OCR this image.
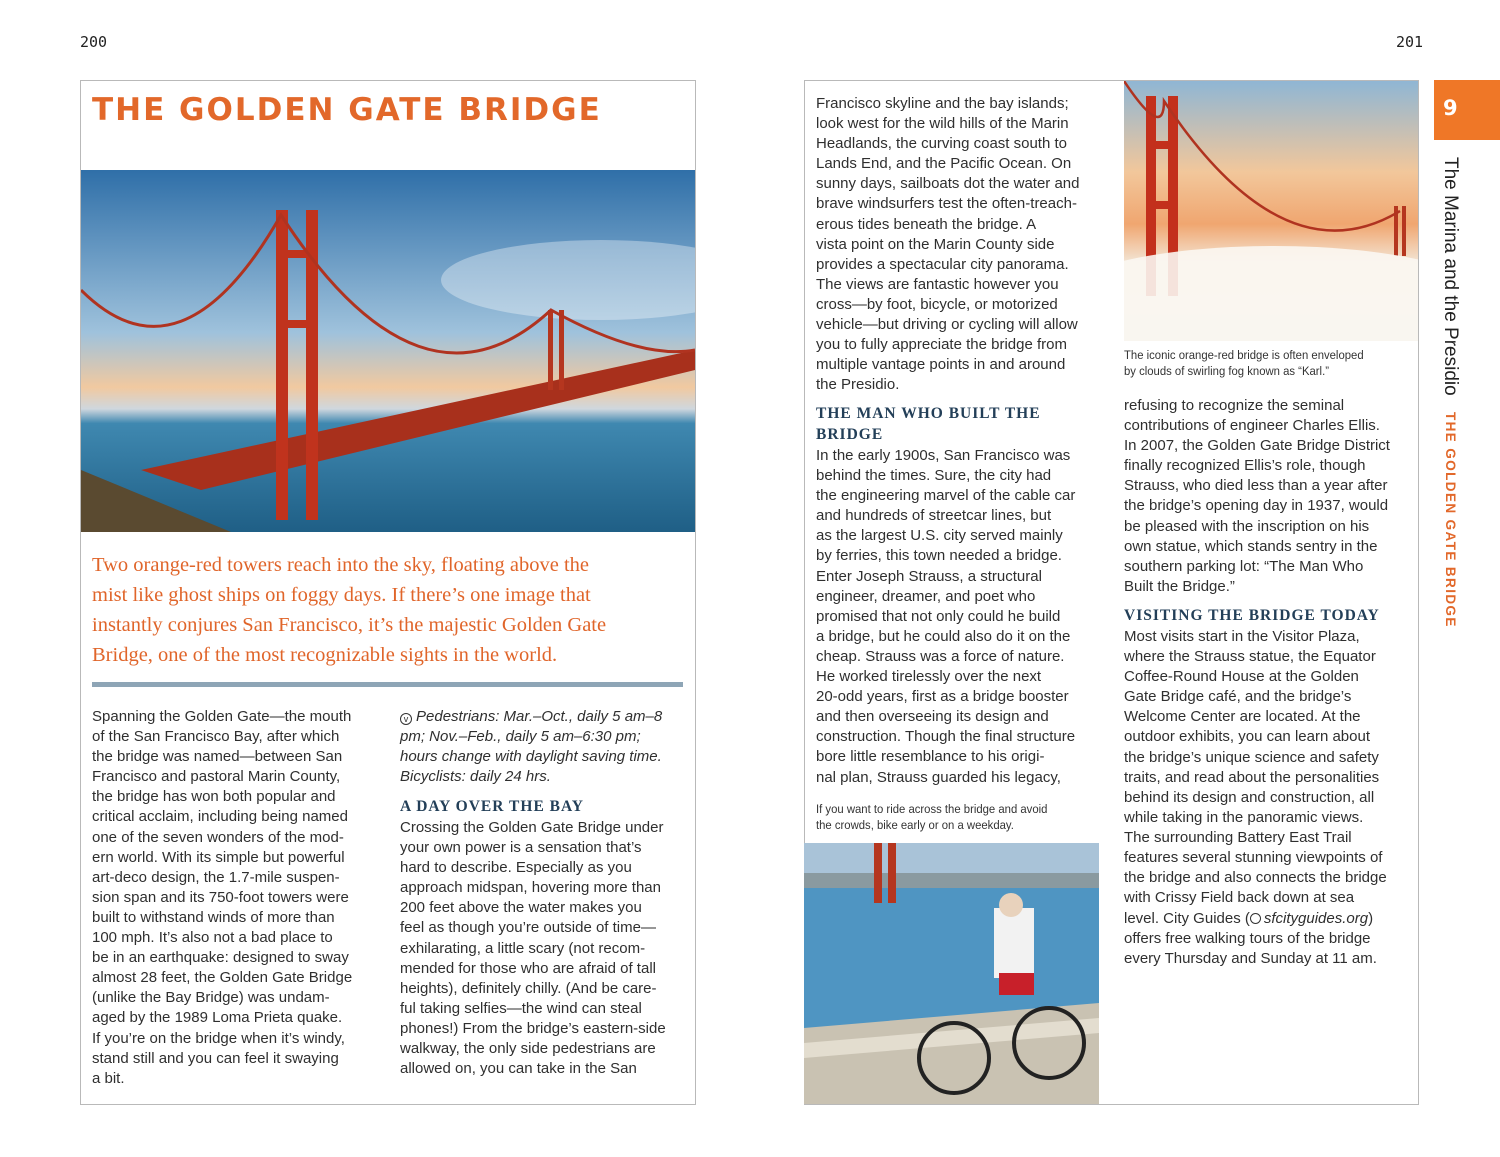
200	201
THE GOLDEN GATE BRIDGE
Two orange-red towers reach into the sky, floating above the
mist like ghost ships on foggy days. If there’s one image that
instantly conjures San Francisco, it’s the majestic Golden Gate
Bridge, one of the most recognizable sights in the world.
Spanning the Golden Gate—the mouth
of the San Francisco Bay, after which
the bridge was named—between San
Francisco and pastoral Marin County,
the bridge has won both popular and
critical acclaim, including being named
one of the seven wonders of the mod-
ern world. With its simple but powerful
art-deco design, the 1.7-mile suspen-
sion span and its 750-foot towers were
built to withstand winds of more than
100 mph. It’s also not a bad place to
be in an earthquake: designed to sway
almost 28 feet, the Golden Gate Bridge
(unlike the Bay Bridge) was undam-
aged by the 1989 Loma Prieta quake.
If you’re on the bridge when it’s windy,
stand still and you can feel it swaying
a bit.
v Pedestrians: Mar.–Oct., daily 5 am–8
pm; Nov.–Feb., daily 5 am–6:30 pm;
hours change with daylight saving time.
Bicyclists: daily 24 hrs.
A DAY OVER THE BAY
Crossing the Golden Gate Bridge under
your own power is a sensation that’s
hard to describe. Especially as you
approach midspan, hovering more than
200 feet above the water makes you
feel as though you’re outside of time—
exhilarating, a little scary (not recom-
mended for those who are afraid of tall
heights), definitely chilly. (And be care-
ful taking selfies—the wind can steal
phones!) From the bridge’s eastern-side
walkway, the only side pedestrians are
allowed on, you can take in the San
Francisco skyline and the bay islands;
look west for the wild hills of the Marin
Headlands, the curving coast south to
Lands End, and the Pacific Ocean. On
sunny days, sailboats dot the water and
brave windsurfers test the often-treach-
erous tides beneath the bridge. A
vista point on the Marin County side
provides a spectacular city panorama.
The views are fantastic however you
cross—by foot, bicycle, or motorized
vehicle—but driving or cycling will allow
you to fully appreciate the bridge from
multiple vantage points in and around
the Presidio.
THE MAN WHO BUILT THE
BRIDGE
In the early 1900s, San Francisco was
behind the times. Sure, the city had
the engineering marvel of the cable car
and hundreds of streetcar lines, but
as the largest U.S. city served mainly
by ferries, this town needed a bridge.
Enter Joseph Strauss, a structural
engineer, dreamer, and poet who
promised that not only could he build
a bridge, but he could also do it on the
cheap. Strauss was a force of nature.
He worked tirelessly over the next
20-odd years, first as a bridge booster
and then overseeing its design and
construction. Though the final structure
bore little resemblance to his origi-
nal plan, Strauss guarded his legacy,
If you want to ride across the bridge and avoid
the crowds, bike early or on a weekday.
The iconic orange-red bridge is often enveloped
by clouds of swirling fog known as “Karl.”
refusing to recognize the seminal
contributions of engineer Charles Ellis.
In 2007, the Golden Gate Bridge District
finally recognized Ellis’s role, though
Strauss, who died less than a year after
the bridge’s opening day in 1937, would
be pleased with the inscription on his
own statue, which stands sentry in the
southern parking lot: “The Man Who
Built the Bridge.”
VISITING THE BRIDGE TODAY
Most visits start in the Visitor Plaza,
where the Strauss statue, the Equator
Coffee-Round House at the Golden
Gate Bridge café, and the bridge’s
Welcome Center are located. At the
outdoor exhibits, you can learn about
the bridge’s unique science and safety
traits, and read about the personalities
behind its design and construction, all
while taking in the panoramic views.
The surrounding Battery East Trail
features several stunning viewpoints of
the bridge and also connects the bridge
with Crissy Field back down at sea
level. City Guides ( sfcityguides.org)
offers free walking tours of the bridge
every Thursday and Sunday at 11 am.
9
The Marina and the Presidio THE GOLDEN GATE BRIDGE
